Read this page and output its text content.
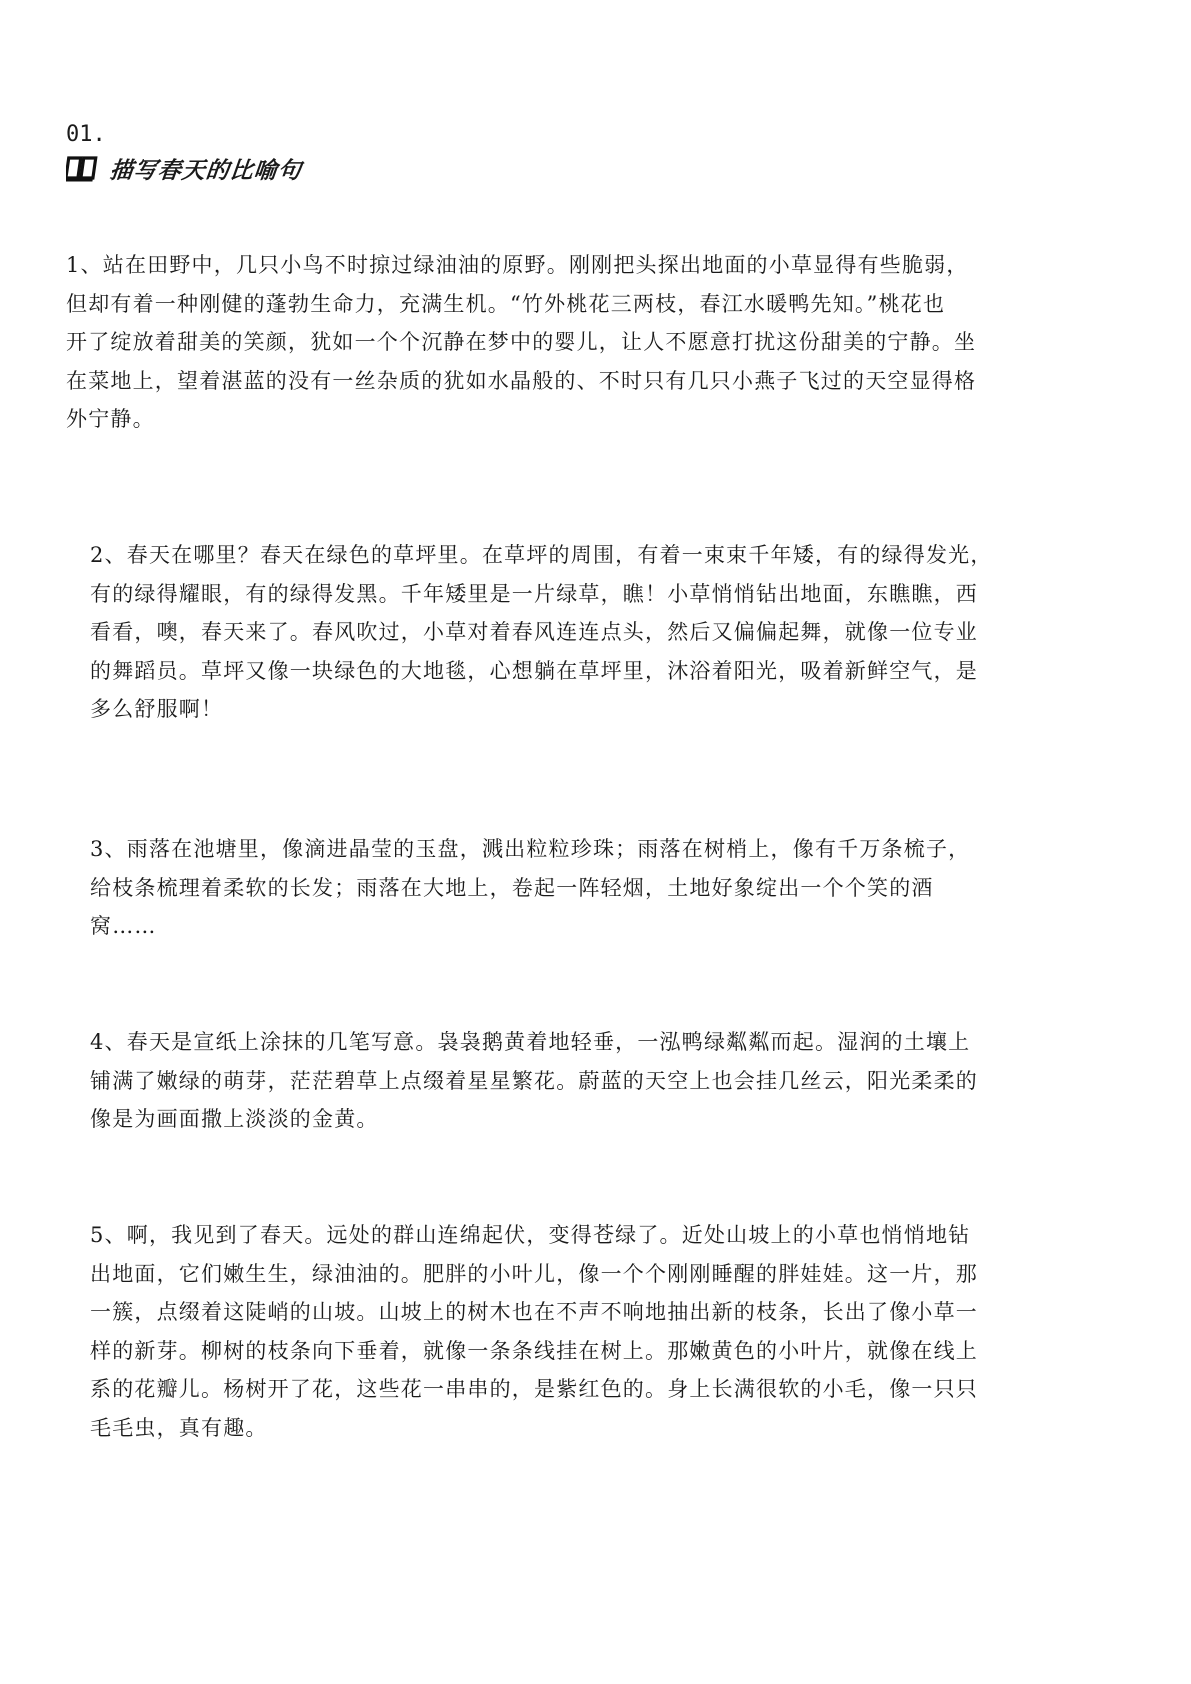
01.
描写春天的比喻句

1、站在田野中，几只小鸟不时掠过绿油油的原野。刚刚把头探出地面的小草显得有些脆弱，
但却有着一种刚健的蓬勃生命力，充满生机。“竹外桃花三两枝，春江水暖鸭先知。”桃花也
开了绽放着甜美的笑颜，犹如一个个沉静在梦中的婴儿，让人不愿意打扰这份甜美的宁静。坐
在菜地上，望着湛蓝的没有一丝杂质的犹如水晶般的、不时只有几只小燕子飞过的天空显得格
外宁静。

2、春天在哪里？春天在绿色的草坪里。在草坪的周围，有着一束束千年矮，有的绿得发光，
有的绿得耀眼，有的绿得发黑。千年矮里是一片绿草，瞧！小草悄悄钻出地面，东瞧瞧，西
看看，噢，春天来了。春风吹过，小草对着春风连连点头，然后又偏偏起舞，就像一位专业
的舞蹈员。草坪又像一块绿色的大地毯，心想躺在草坪里，沐浴着阳光，吸着新鲜空气，是
多么舒服啊！

3、雨落在池塘里，像滴进晶莹的玉盘，溅出粒粒珍珠；雨落在树梢上，像有千万条梳子，
给枝条梳理着柔软的长发；雨落在大地上，卷起一阵轻烟，土地好象绽出一个个笑的酒
窝……

4、春天是宣纸上涂抹的几笔写意。袅袅鹅黄着地轻垂，一泓鸭绿粼粼而起。湿润的土壤上
铺满了嫩绿的萌芽，茫茫碧草上点缀着星星繁花。蔚蓝的天空上也会挂几丝云，阳光柔柔的
像是为画面撒上淡淡的金黄。

5、啊，我见到了春天。远处的群山连绵起伏，变得苍绿了。近处山坡上的小草也悄悄地钻
出地面，它们嫩生生，绿油油的。肥胖的小叶儿，像一个个刚刚睡醒的胖娃娃。这一片，那
一簇，点缀着这陡峭的山坡。山坡上的树木也在不声不响地抽出新的枝条，长出了像小草一
样的新芽。柳树的枝条向下垂着，就像一条条线挂在树上。那嫩黄色的小叶片，就像在线上
系的花瓣儿。杨树开了花，这些花一串串的，是紫红色的。身上长满很软的小毛，像一只只
毛毛虫，真有趣。
